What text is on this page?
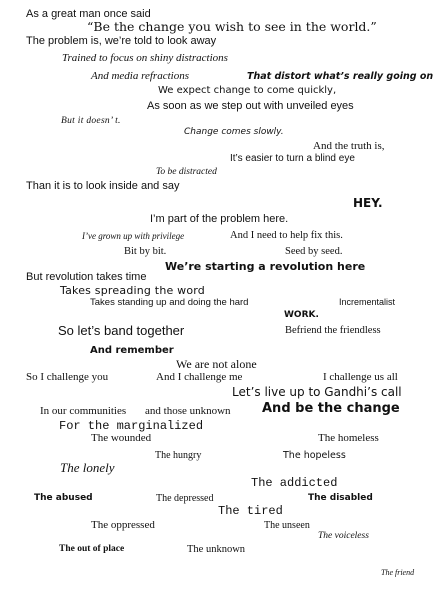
As a great man once said
“Be the change you wish to see in the world.”
The problem is, we’re told to look away
Trained to focus on shiny distractions
And media refractions	That distort what’s really going on
We expect change to come quickly,
As soon as we step out with unveiled eyes
But it doesn’ t.
Change comes slowly.
And the truth is,
It’s easier to turn a blind eye
To be distracted
Than it is to look inside and say
HEY.
I’m part of the problem here.
I’ve grown up with privilege	And I need to help fix this.
Bit by bit.	Seed by seed.
We’re starting a revolution here
But revolution takes time
Takes spreading the word
Takes standing up and doing the hard	Incrementalist
WORK.
So let’s band together	Befriend the friendless
And remember
We are not alone
So I challenge you	And I challenge me	I challenge us all
Let’s live up to Gandhi’s call
In our communities and those unknown And be the change
For the marginalized
The wounded	The homeless
The hungry	The hopeless
The lonely
The addicted
The abused	The depressed	The disabled
The tired
The oppressed	The unseen
The voiceless
The out of place	The unknown
The friend
